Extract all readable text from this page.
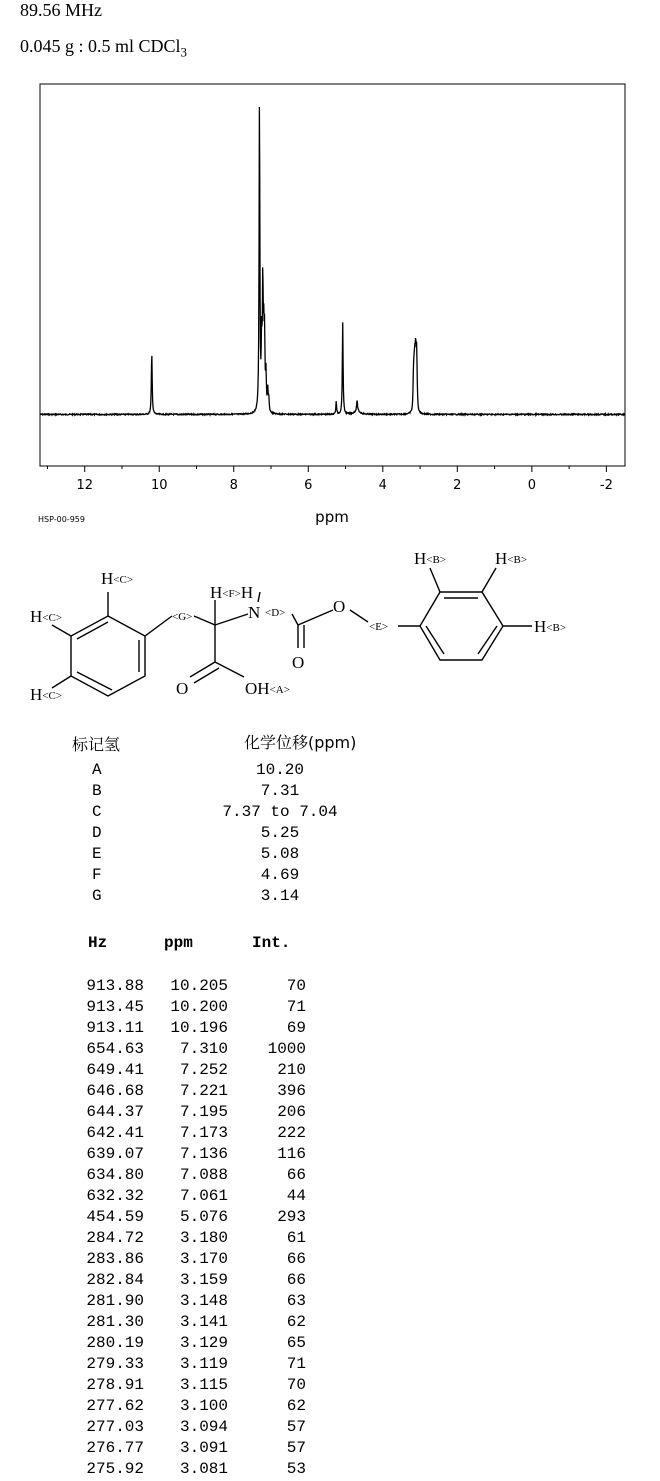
89.56 MHz
0.045 g : 0.5 ml CDCl$_3$
12	10	8	6	4	2	0	-2
ppm
HSP-00-959
H<C>
H<C>
H<C>
<G>
H<F>H
N <D>	O
O
O	OH<A>
<E>
H<B>	H<B>
H<B>
标记氢	化学位移(ppm)
A	10.20
B	7.31
C	7.37 to 7.04
D	5.25
E	5.08
F	4.69
G	3.14
Hz	ppm	Int.
913.88 10.205	70
913.45 10.200	71
913.11 10.196	69
654.63 7.310 1000
649.41 7.252	210
646.68 7.221	396
644.37 7.195	206
642.41 7.173	222
639.07 7.136	116
634.80 7.088	66
632.32 7.061	44
454.59 5.076	293
284.72 3.180	61
283.86 3.170	66
282.84 3.159	66
281.90 3.148	63
281.30 3.141	62
280.19 3.129	65
279.33 3.119	71
278.91 3.115	70
277.62 3.100	62
277.03 3.094	57
276.77 3.091	57
275.92 3.081	53
